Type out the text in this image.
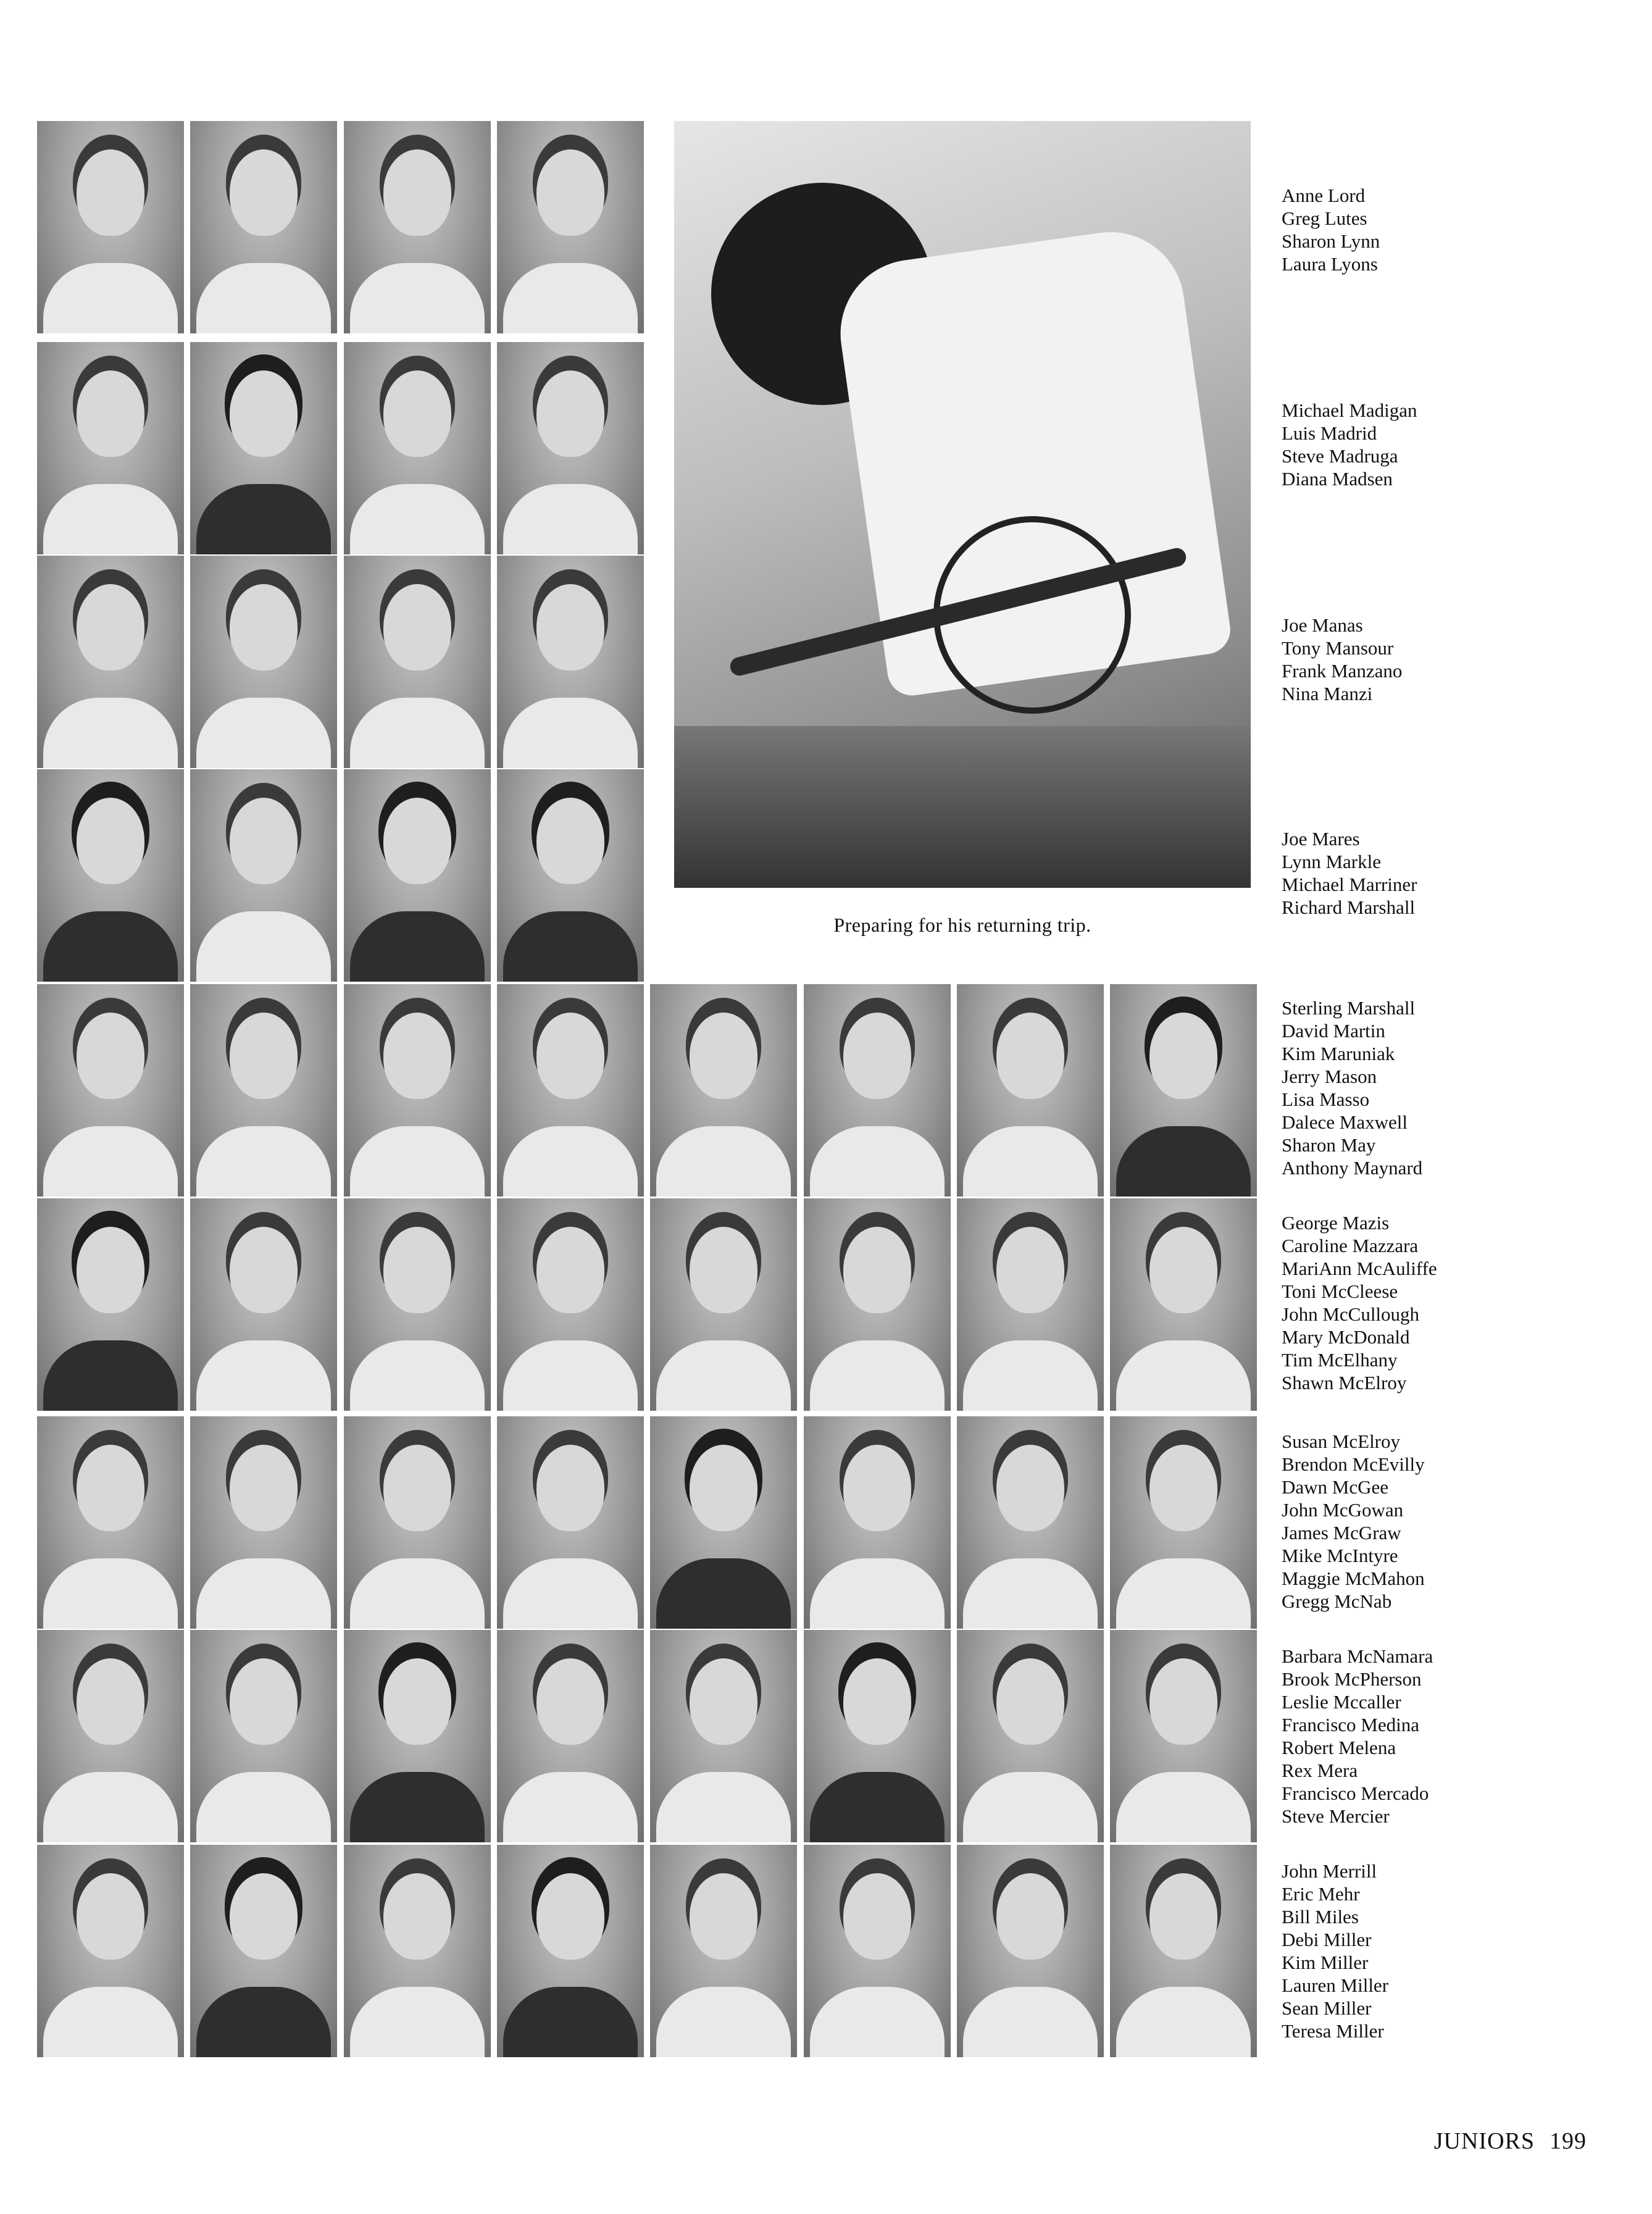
Preparing for his returning trip.
Anne Lord
Greg Lutes
Sharon Lynn
Laura Lyons
Michael Madigan
Luis Madrid
Steve Madruga
Diana Madsen
Joe Manas
Tony Mansour
Frank Manzano
Nina Manzi
Joe Mares
Lynn Markle
Michael Marriner
Richard Marshall
Sterling Marshall
David Martin
Kim Maruniak
Jerry Mason
Lisa Masso
Dalece Maxwell
Sharon May
Anthony Maynard
George Mazis
Caroline Mazzara
MariAnn McAuliffe
Toni McCleese
John McCullough
Mary McDonald
Tim McElhany
Shawn McElroy
Susan McElroy
Brendon McEvilly
Dawn McGee
John McGowan
James McGraw
Mike McIntyre
Maggie McMahon
Gregg McNab
Barbara McNamara
Brook McPherson
Leslie Mccaller
Francisco Medina
Robert Melena
Rex Mera
Francisco Mercado
Steve Mercier
John Merrill
Eric Mehr
Bill Miles
Debi Miller
Kim Miller
Lauren Miller
Sean Miller
Teresa Miller
JUNIORS 199
